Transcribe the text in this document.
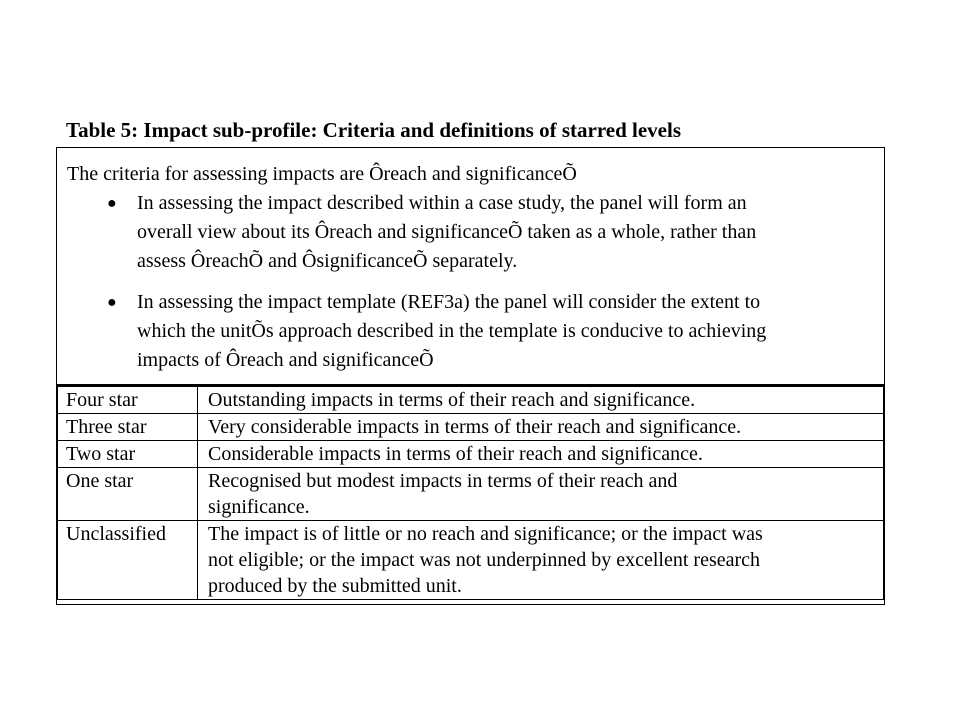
Table 5: Impact sub-profile: Criteria and definitions of starred levels
The criteria for assessing impacts are Ôreach and significanceÕ
● In assessing the impact described within a case study, the panel will form an
overall view about its Ôreach and significanceÕ taken as a whole, rather than
assess ÔreachÕ and ÔsignificanceÕ separately.
● In assessing the impact template (REF3a) the panel will consider the extent to
which the unitÕs approach described in the template is conducive to achieving
impacts of Ôreach and significanceÕ
Four star	Outstanding impacts in terms of their reach and significance.

Three star	Very considerable impacts in terms of their reach and significance.

Two star	Considerable impacts in terms of their reach and significance.

One star	Recognised but modest impacts in terms of their reach and
significance.

Unclassified	The impact is of little or no reach and significance; or the impact was
not eligible; or the impact was not underpinned by excellent research
produced by the submitted unit.
